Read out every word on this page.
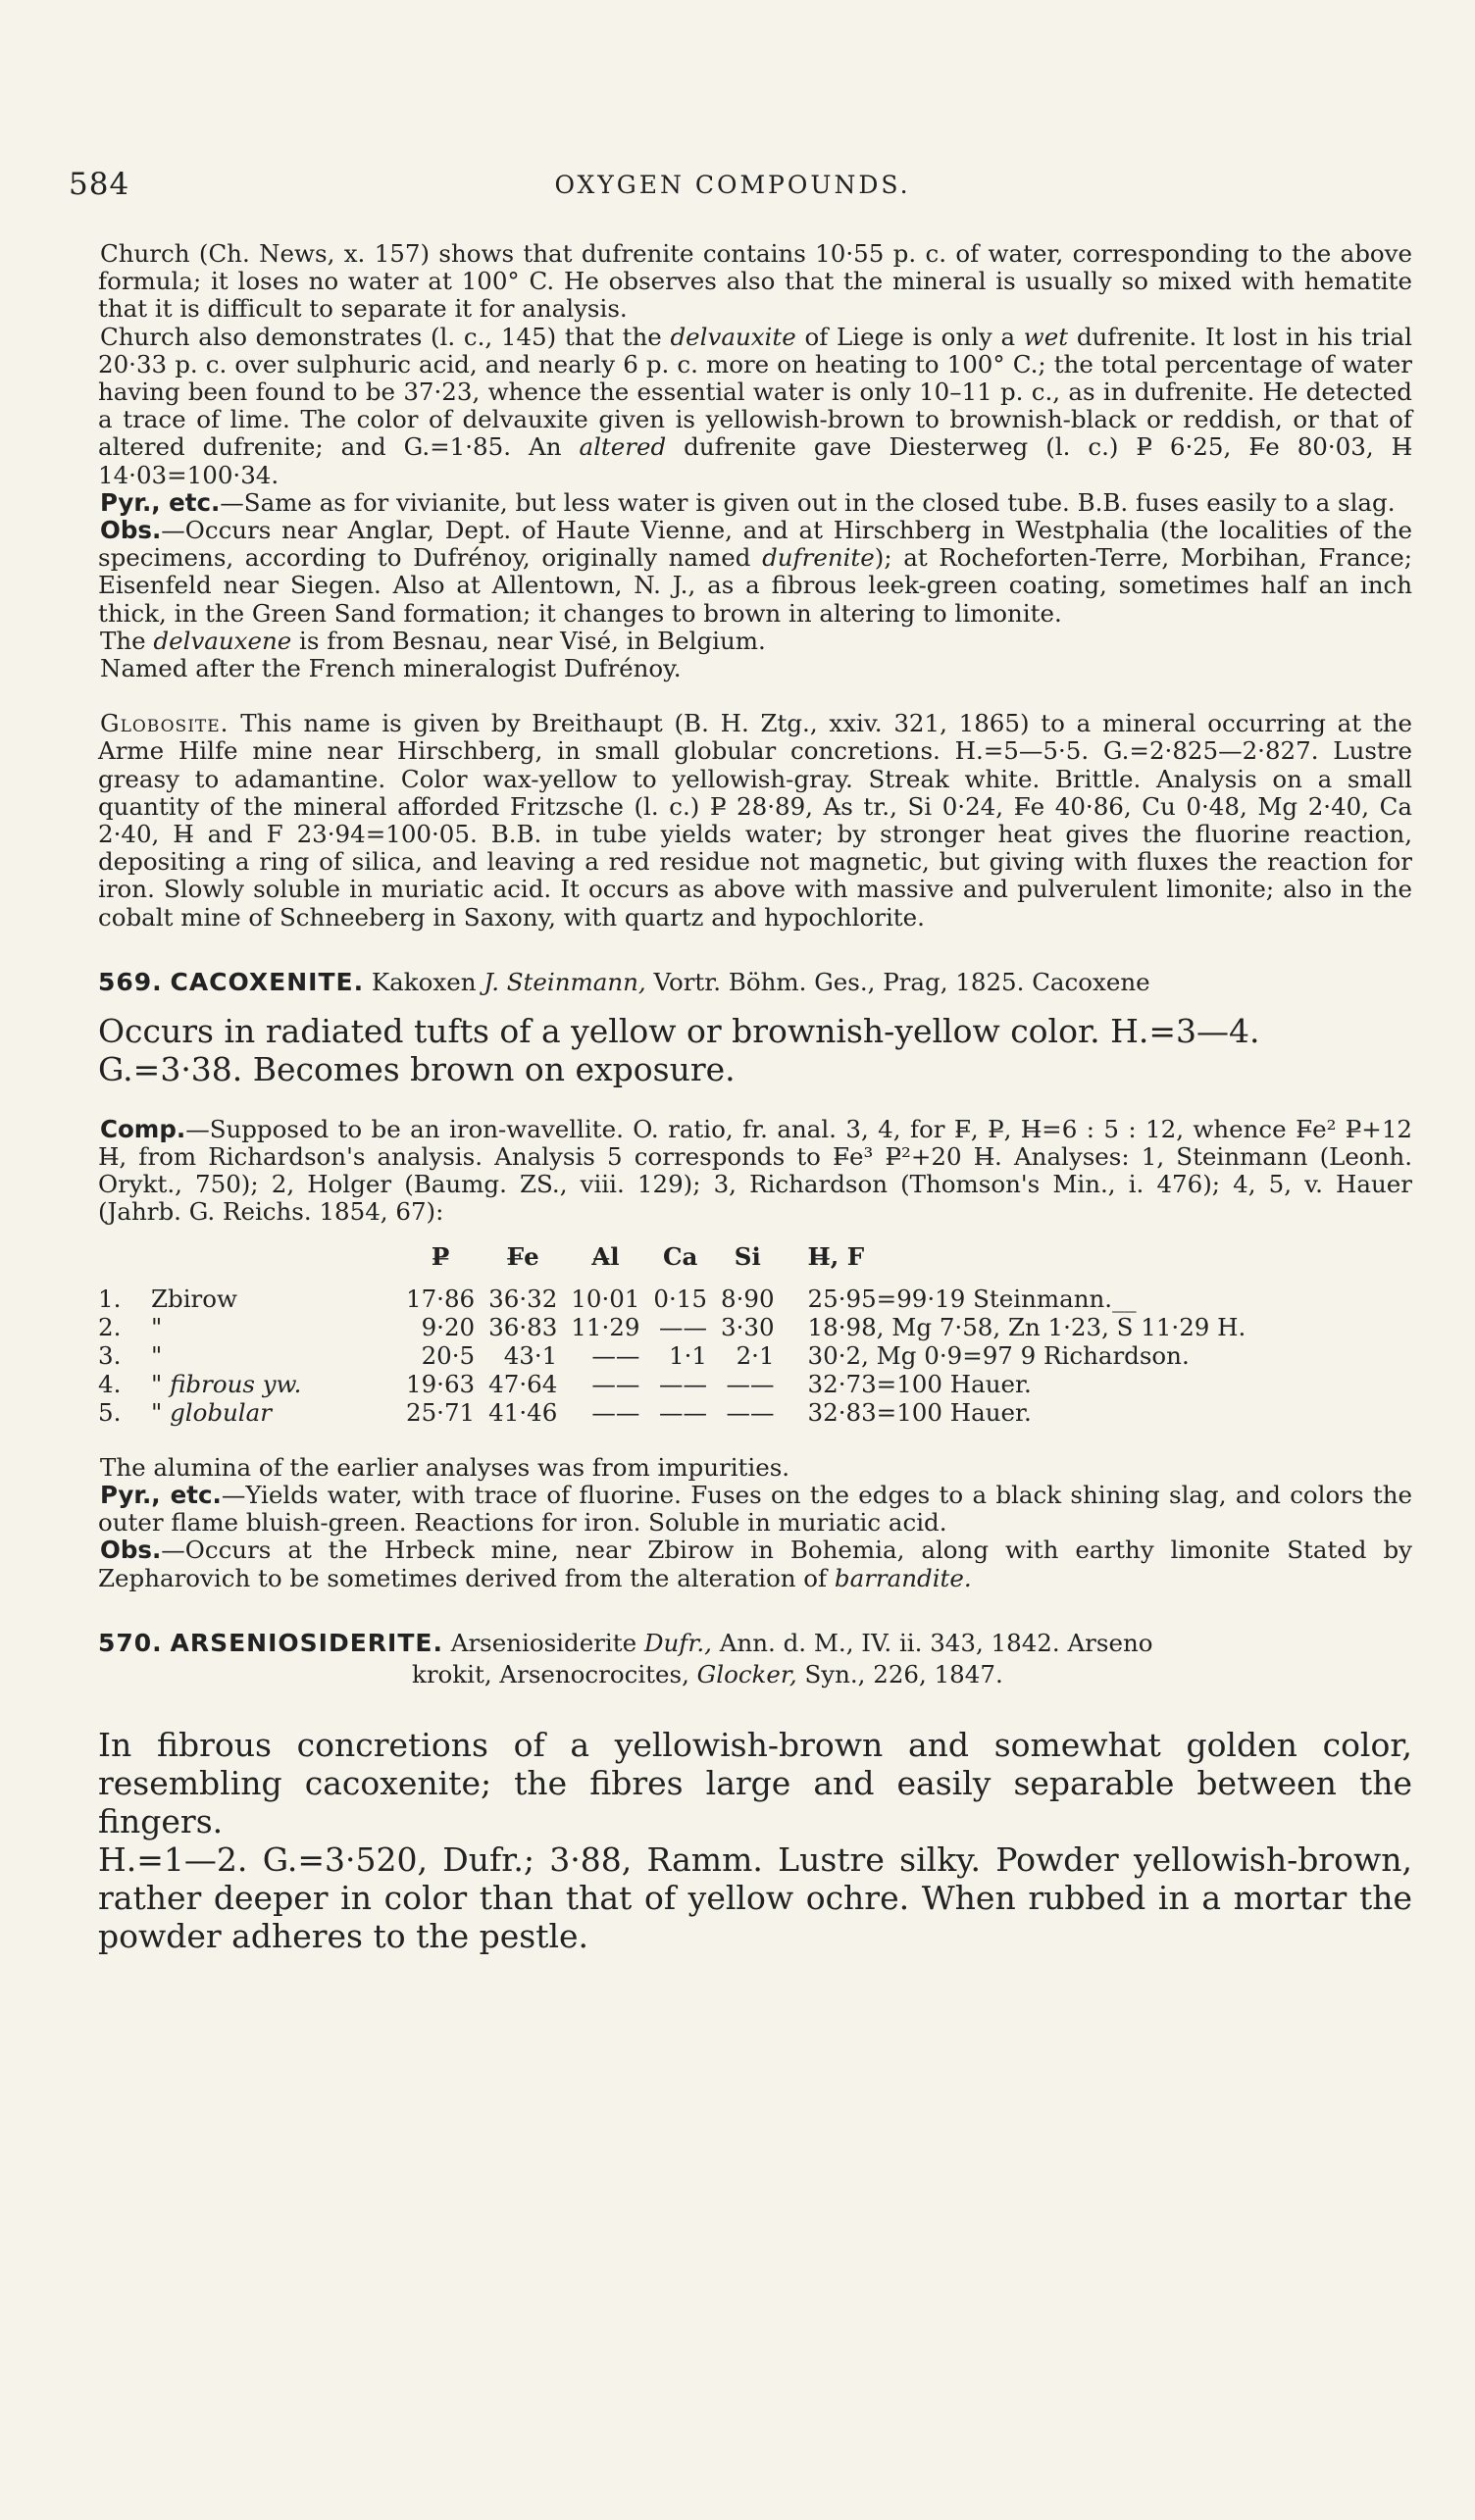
584	OXYGEN COMPOUNDS.

Church (Ch. News, x. 157) shows that dufrenite contains 10·55 p. c. of water, corresponding to the above formula; it loses no water at 100° C. He observes also that the mineral is usually so mixed with hematite that it is difficult to separate it for analysis.

Church also demonstrates (l. c., 145) that the delvauxite of Liege is only a wet dufrenite. It lost in his trial 20·33 p. c. over sulphuric acid, and nearly 6 p. c. more on heating to 100° C.; the total percentage of water having been found to be 37·23, whence the essential water is only 10–11 p. c., as in dufrenite. He detected a trace of lime. The color of delvauxite given is yellowish-brown to brownish-black or reddish, or that of altered dufrenite; and G.=1·85. An altered dufrenite gave Diesterweg (l. c.) P̶ 6·25, F̶e 80·03, H̶ 14·03=100·34.

Pyr., etc.—Same as for vivianite, but less water is given out in the closed tube. B.B. fuses easily to a slag.

Obs.—Occurs near Anglar, Dept. of Haute Vienne, and at Hirschberg in Westphalia (the localities of the specimens, according to Dufrénoy, originally named dufrenite); at Rocheforten-Terre, Morbihan, France; Eisenfeld near Siegen. Also at Allentown, N. J., as a fibrous leek-green coating, sometimes half an inch thick, in the Green Sand formation; it changes to brown in altering to limonite.

The delvauxene is from Besnau, near Visé, in Belgium.

Named after the French mineralogist Dufrénoy.

Globosite. This name is given by Breithaupt (B. H. Ztg., xxiv. 321, 1865) to a mineral occurring at the Arme Hilfe mine near Hirschberg, in small globular concretions. H.=5—5·5. G.=2·825—2·827. Lustre greasy to adamantine. Color wax-yellow to yellowish-gray. Streak white. Brittle. Analysis on a small quantity of the mineral afforded Fritzsche (l. c.) P̶ 28·89, A̶s tr., Si 0·24, F̶e 40·86, Cu 0·48, Mg 2·40, Ca 2·40, H̶ and F 23·94=100·05. B.B. in tube yields water; by stronger heat gives the fluorine reaction, depositing a ring of silica, and leaving a red residue not magnetic, but giving with fluxes the reaction for iron. Slowly soluble in muriatic acid. It occurs as above with massive and pulverulent limonite; also in the cobalt mine of Schneeberg in Saxony, with quartz and hypochlorite.

569. CACOXENITE. Kakoxen J. Steinmann, Vortr. Böhm. Ges., Prag, 1825. Cacoxene

Occurs in radiated tufts of a yellow or brownish-yellow color. H.=3—4. G.=3·38. Becomes brown on exposure.

Comp.—Supposed to be an iron-wavellite. O. ratio, fr. anal. 3, 4, for F̶, P̶, H̶=6 : 5 : 12, whence F̶e² P̶+12 H̶, from Richardson's analysis. Analysis 5 corresponds to F̶e³ P̶²+20 H̶. Analyses: 1, Steinmann (Leonh. Orykt., 750); 2, Holger (Baumg. ZS., viii. 129); 3, Richardson (Thomson's Min., i. 476); 4, 5, v. Hauer (Jahrb. G. Reichs. 1854, 67):

		P̶	F̶e	A̶l	Ca	Si	H̶, F
1.	Zbirow	17·86	36·32	10·01	0·15	8·90	25·95=99·19 Steinmann.__
2.	"	9·20	36·83	11·29	——	3·30	18·98, Mg 7·58, Zn 1·23, S 11·29 H.
3.	"	20·5	43·1	——	1·1	2·1	30·2, Mg 0·9=97 9 Richardson.
4.	" fibrous yw.	19·63	47·64	——	——	——	32·73=100 Hauer.
5.	" globular	25·71	41·46	——	——	——	32·83=100 Hauer.

The alumina of the earlier analyses was from impurities.

Pyr., etc.—Yields water, with trace of fluorine. Fuses on the edges to a black shining slag, and colors the outer flame bluish-green. Reactions for iron. Soluble in muriatic acid.

Obs.—Occurs at the Hrbeck mine, near Zbirow in Bohemia, along with earthy limonite Stated by Zepharovich to be sometimes derived from the alteration of barrandite.

570. ARSENIOSIDERITE. Arseniosiderite Dufr., Ann. d. M., IV. ii. 343, 1842. Arseno
krokit, Arsenocrocites, Glocker, Syn., 226, 1847.

In fibrous concretions of a yellowish-brown and somewhat golden color, resembling cacoxenite; the fibres large and easily separable between the fingers.

H.=1—2. G.=3·520, Dufr.; 3·88, Ramm. Lustre silky. Powder yellowish-brown, rather deeper in color than that of yellow ochre. When rubbed in a mortar the powder adheres to the pestle.
